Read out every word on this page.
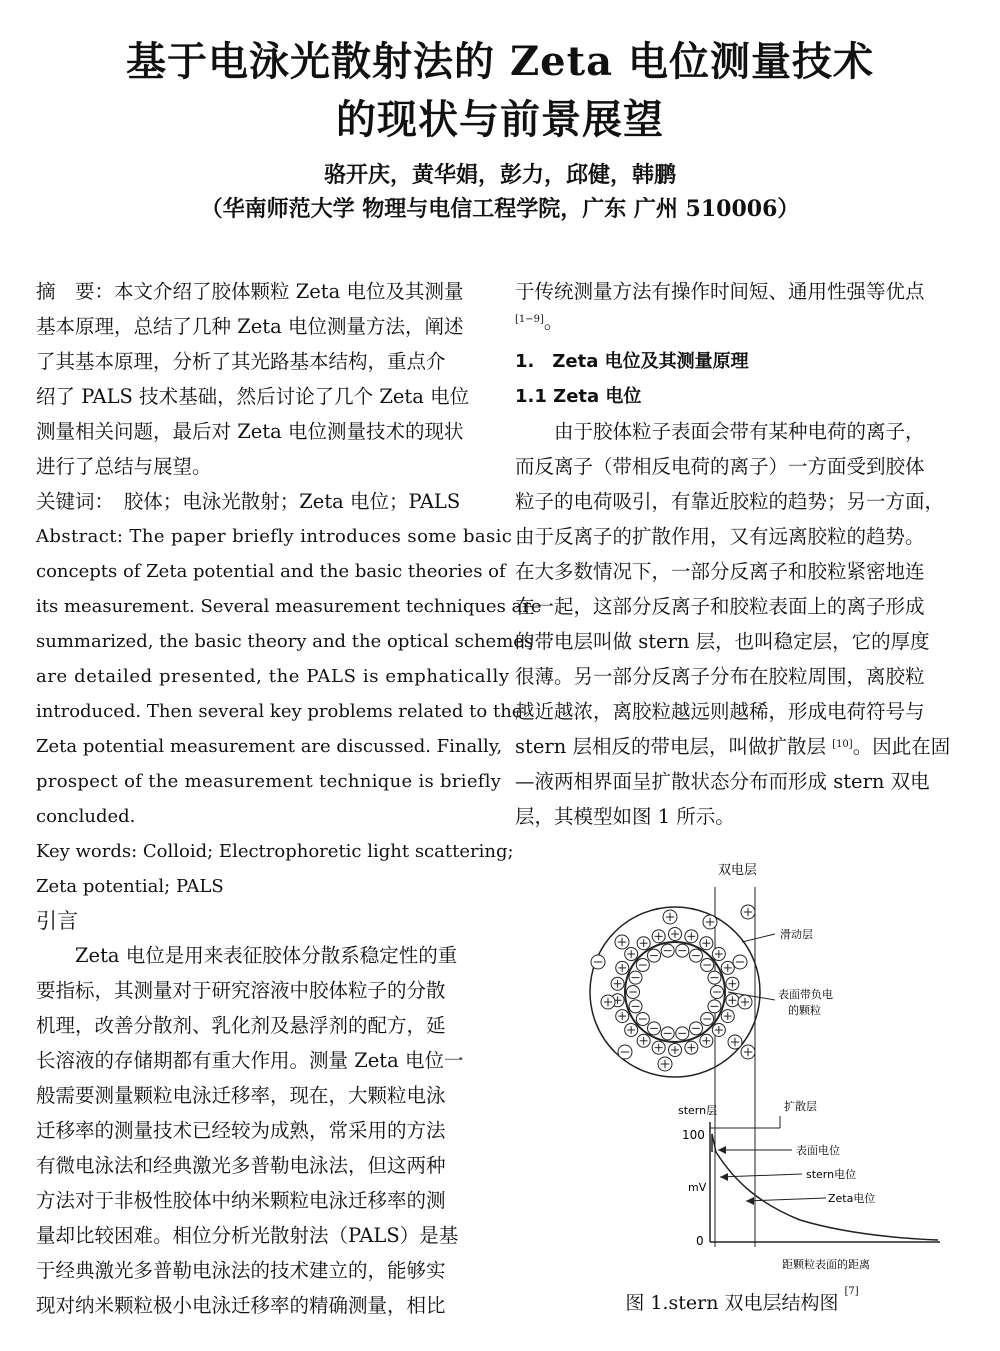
基于电泳光散射法的 Zeta 电位测量技术
的现状与前景展望
骆开庆，黄华娟，彭力，邱健，韩鹏
（华南师范大学 物理与电信工程学院，广东 广州 510006）
摘　要：本文介绍了胶体颗粒 Zeta 电位及其测量
基本原理，总结了几种 Zeta 电位测量方法，阐述
了其基本原理，分析了其光路基本结构，重点介
绍了 PALS 技术基础，然后讨论了几个 Zeta 电位
测量相关问题，最后对 Zeta 电位测量技术的现状
进行了总结与展望。
关键词：　胶体；电泳光散射；Zeta 电位；PALS
Abstract: The paper briefly introduces some basic
concepts of Zeta potential and the basic theories of
its measurement. Several measurement techniques are
summarized, the basic theory and the optical schemes
are detailed presented, the PALS is emphatically
introduced. Then several key problems related to the
Zeta potential measurement are discussed. Finally,
prospect of the measurement technique is briefly
concluded.
Key words: Colloid; Electrophoretic light scattering;
Zeta potential; PALS
引言
　　Zeta 电位是用来表征胶体分散系稳定性的重
要指标，其测量对于研究溶液中胶体粒子的分散
机理，改善分散剂、乳化剂及悬浮剂的配方，延
长溶液的存储期都有重大作用。测量 Zeta 电位一
般需要测量颗粒电泳迁移率，现在，大颗粒电泳
迁移率的测量技术已经较为成熟，常采用的方法
有微电泳法和经典激光多普勒电泳法，但这两种
方法对于非极性胶体中纳米颗粒电泳迁移率的测
量却比较困难。相位分析光散射法（PALS）是基
于经典激光多普勒电泳法的技术建立的，能够实
现对纳米颗粒极小电泳迁移率的精确测量，相比
于传统测量方法有操作时间短、通用性强等优点
[1−9]。
1.　Zeta 电位及其测量原理
1.1 Zeta 电位
　　由于胶体粒子表面会带有某种电荷的离子，
而反离子（带相反电荷的离子）一方面受到胶体
粒子的电荷吸引，有靠近胶粒的趋势；另一方面，
由于反离子的扩散作用，又有远离胶粒的趋势。
在大多数情况下，一部分反离子和胶粒紧密地连
在一起，这部分反离子和胶粒表面上的离子形成
的带电层叫做 stern 层，也叫稳定层，它的厚度
很薄。另一部分反离子分布在胶粒周围，离胶粒
越近越浓，离胶粒越远则越稀，形成电荷符号与
stern 层相反的带电层，叫做扩散层 [10]。因此在固
—液两相界面呈扩散状态分布而形成 stern 双电
层，其模型如图 1 所示。
双电层
滑动层
表面带负电
的颗粒
stern层	扩散层
100
mV
0
表面电位
stern电位
Zeta电位
距颗粒表面的距离
图 1.stern 双电层结构图 [7]
